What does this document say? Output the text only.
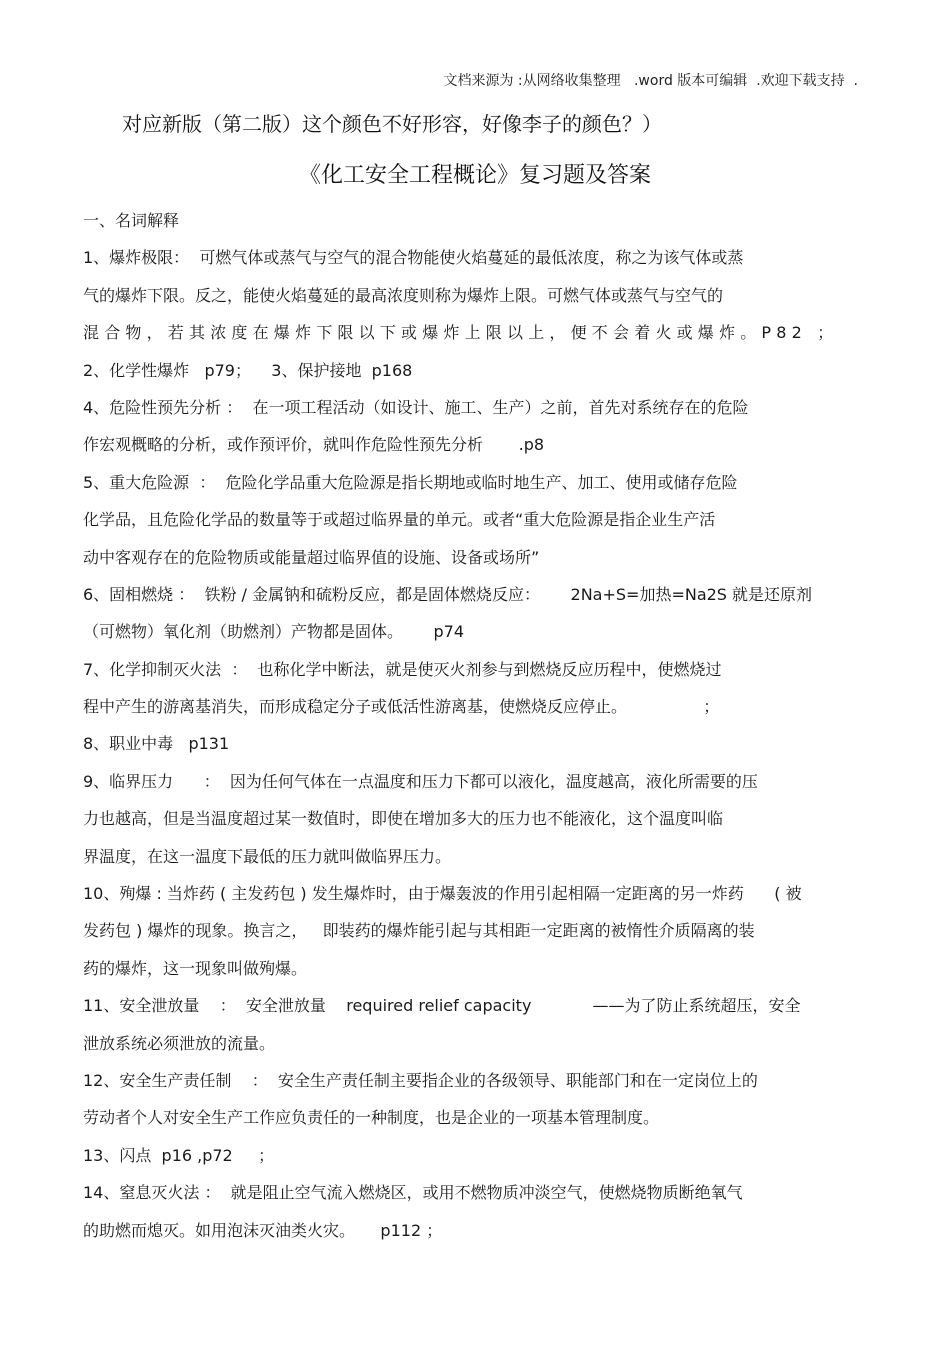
文档来源为 :从网络收集整理   .word 版本可编辑  .欢迎下载支持  .
对应新版（第二版）这个颜色不好形容，好像李子的颜色？）
《化工安全工程概论》复习题及答案
一、名词解释
1、爆炸极限：  可燃气体或蒸气与空气的混合物能使火焰蔓延的最低浓度，称之为该气体或蒸
气的爆炸下限。反之，能使火焰蔓延的最高浓度则称为爆炸上限。可燃气体或蒸气与空气的
混合物，若其浓度在爆炸下限以下或爆炸上限以上，便不会着火或爆炸。P82 ；
2、化学性爆炸   p79；    3、保护接地  p168
4、危险性预先分析 ：  在一项工程活动（如设计、施工、生产）之前，首先对系统存在的危险
作宏观概略的分析，或作预评价，就叫作危险性预先分析       .p8
5、重大危险源  ：  危险化学品重大危险源是指长期地或临时地生产、加工、使用或储存危险
化学品，且危险化学品的数量等于或超过临界量的单元。或者“重大危险源是指企业生产活
动中客观存在的危险物质或能量超过临界值的设施、设备或场所”
6、固相燃烧 ：  铁粉 / 金属钠和硫粉反应，都是固体燃烧反应：      2Na+S=加热=Na2S 就是还原剂
（可燃物）氧化剂（助燃剂）产物都是固体。      p74
7、化学抑制灭火法  ：  也称化学中断法，就是使灭火剂参与到燃烧反应历程中，使燃烧过
程中产生的游离基消失，而形成稳定分子或低活性游离基，使燃烧反应停止。               ；
8、职业中毒   p131
9、临界压力      ：  因为任何气体在一点温度和压力下都可以液化，温度越高，液化所需要的压
力也越高，但是当温度超过某一数值时，即使在增加多大的压力也不能液化，这个温度叫临
界温度，在这一温度下最低的压力就叫做临界压力。
10、殉爆 : 当炸药 ( 主发药包 ) 发生爆炸时，由于爆轰波的作用引起相隔一定距离的另一炸药      ( 被
发药包 ) 爆炸的现象。换言之，   即装药的爆炸能引起与其相距一定距离的被惰性介质隔离的装
药的爆炸，这一现象叫做殉爆。
11、安全泄放量    ：  安全泄放量    required relief capacity            ——为了防止系统超压，安全
泄放系统必须泄放的流量。
12、安全生产责任制    ：  安全生产责任制主要指企业的各级领导、职能部门和在一定岗位上的
劳动者个人对安全生产工作应负责任的一种制度，也是企业的一项基本管理制度。
13、闪点  p16 ,p72     ；
14、窒息灭火法 ：  就是阻止空气流入燃烧区，或用不燃物质冲淡空气，使燃烧物质断绝氧气
的助燃而熄灭。如用泡沫灭油类火灾。     p112 ；
